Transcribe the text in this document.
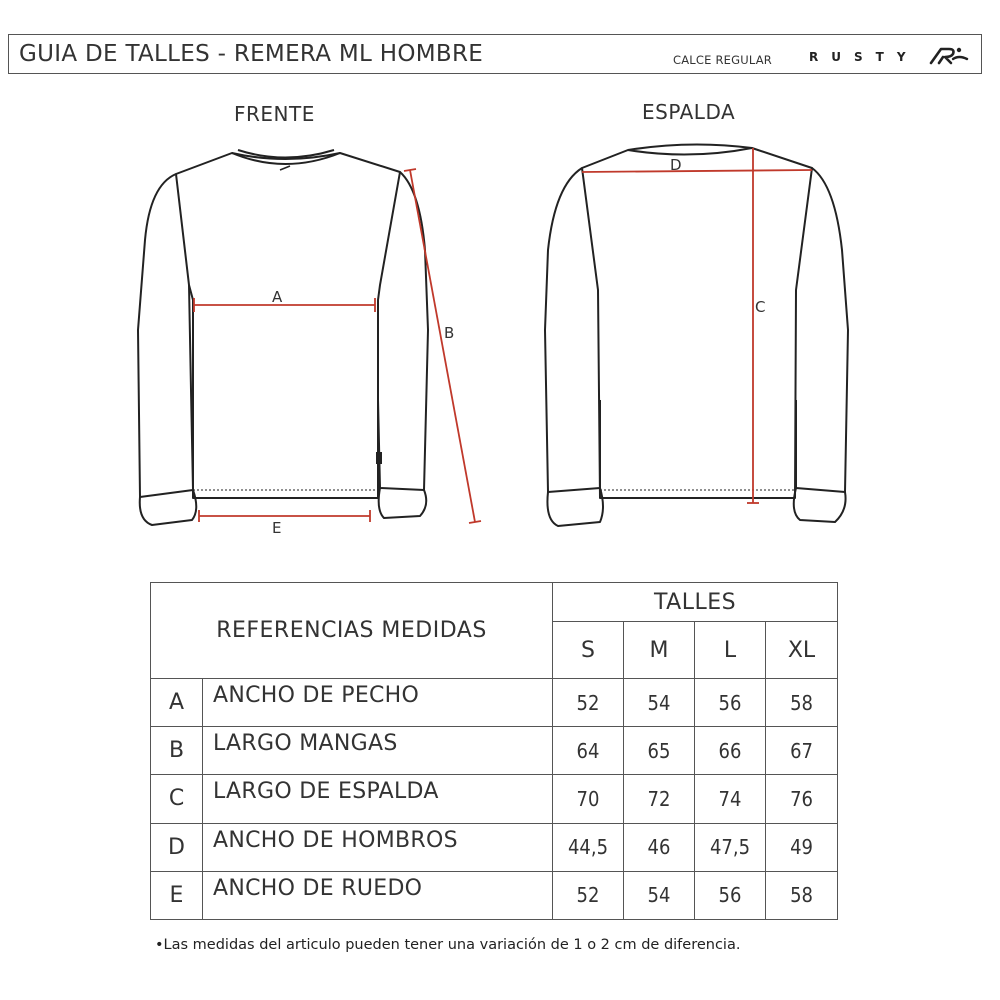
GUIA DE TALLES - REMERA ML HOMBRE	CALCE REGULAR	RUSTY
FRENTE	ESPALDA
A
B
E
D
C
REFERENCIAS MEDIDAS		TALLES			
		S	M	L	XL
A	ANCHO DE PECHO	52	54	56	58
B	LARGO MANGAS	64	65	66	67
C	LARGO DE ESPALDA	70	72	74	76
D	ANCHO DE HOMBROS	44,5	46	47,5	49
E	ANCHO DE RUEDO	52	54	56	58
•Las medidas del articulo pueden tener una variación de 1 o 2 cm de diferencia.
